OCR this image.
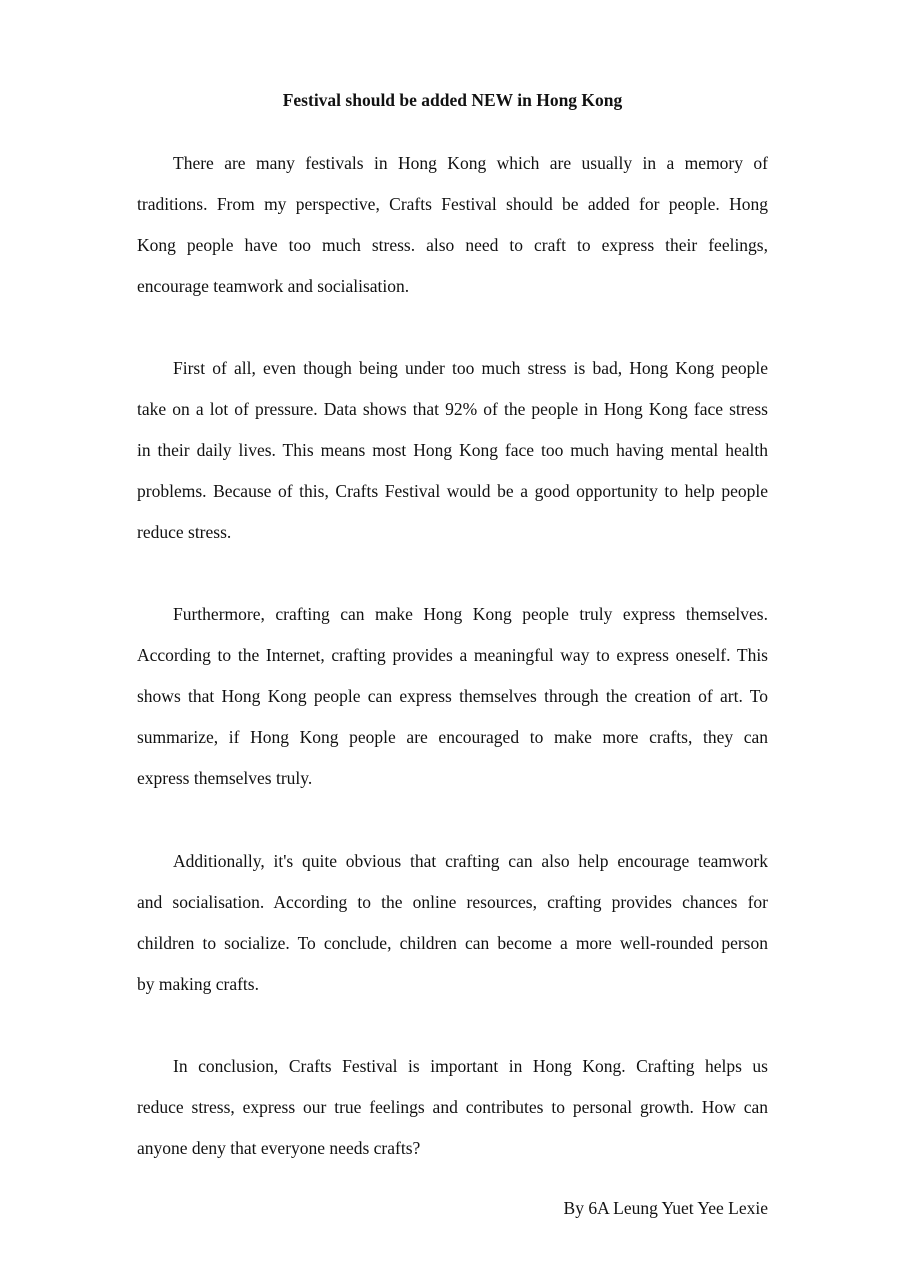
Festival should be added NEW in Hong Kong
There are many festivals in Hong Kong which are usually in a memory of
traditions. From my perspective, Crafts Festival should be added for people. Hong
Kong people have too much stress. also need to craft to express their feelings,
encourage teamwork and socialisation.
First of all, even though being under too much stress is bad, Hong Kong people
take on a lot of pressure. Data shows that 92% of the people in Hong Kong face stress
in their daily lives. This means most Hong Kong face too much having mental health
problems. Because of this, Crafts Festival would be a good opportunity to help people
reduce stress.
Furthermore, crafting can make Hong Kong people truly express themselves.
According to the Internet, crafting provides a meaningful way to express oneself. This
shows that Hong Kong people can express themselves through the creation of art. To
summarize, if Hong Kong people are encouraged to make more crafts, they can
express themselves truly.
Additionally, it's quite obvious that crafting can also help encourage teamwork
and socialisation. According to the online resources, crafting provides chances for
children to socialize. To conclude, children can become a more well-rounded person
by making crafts.
In conclusion, Crafts Festival is important in Hong Kong. Crafting helps us
reduce stress, express our true feelings and contributes to personal growth. How can
anyone deny that everyone needs crafts?

By 6A Leung Yuet Yee Lexie
